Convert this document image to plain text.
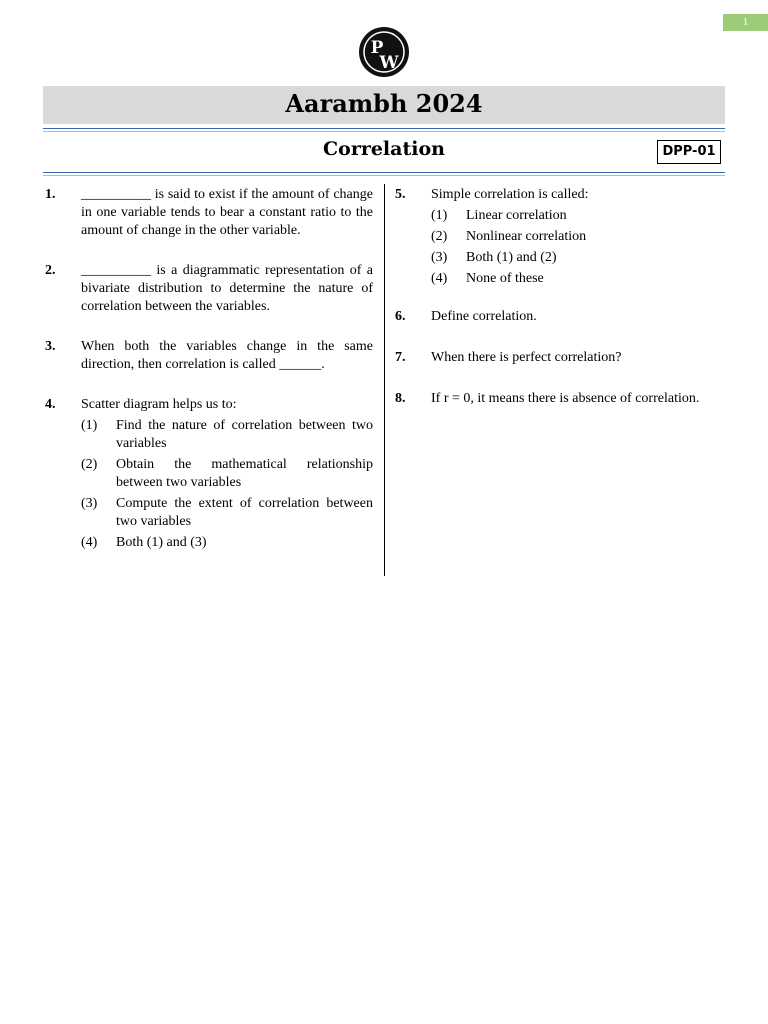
1
P
W
Aarambh 2024
Correlation	DPP-01
1. __________ is said to exist if the amount of change in one variable tends to bear a constant ratio to the amount of change in the other variable.
2. __________ is a diagrammatic representation of a bivariate distribution to determine the nature of correlation between the variables.
3. When both the variables change in the same direction, then correlation is called ______.
4. Scatter diagram helps us to:
(1) Find the nature of correlation between two variables
(2) Obtain the mathematical relationship between two variables
(3) Compute the extent of correlation between two variables
(4) Both (1) and (3)
5. Simple correlation is called:
(1) Linear correlation
(2) Nonlinear correlation
(3) Both (1) and (2)
(4) None of these
6. Define correlation.
7. When there is perfect correlation?
8. If r = 0, it means there is absence of correlation.
